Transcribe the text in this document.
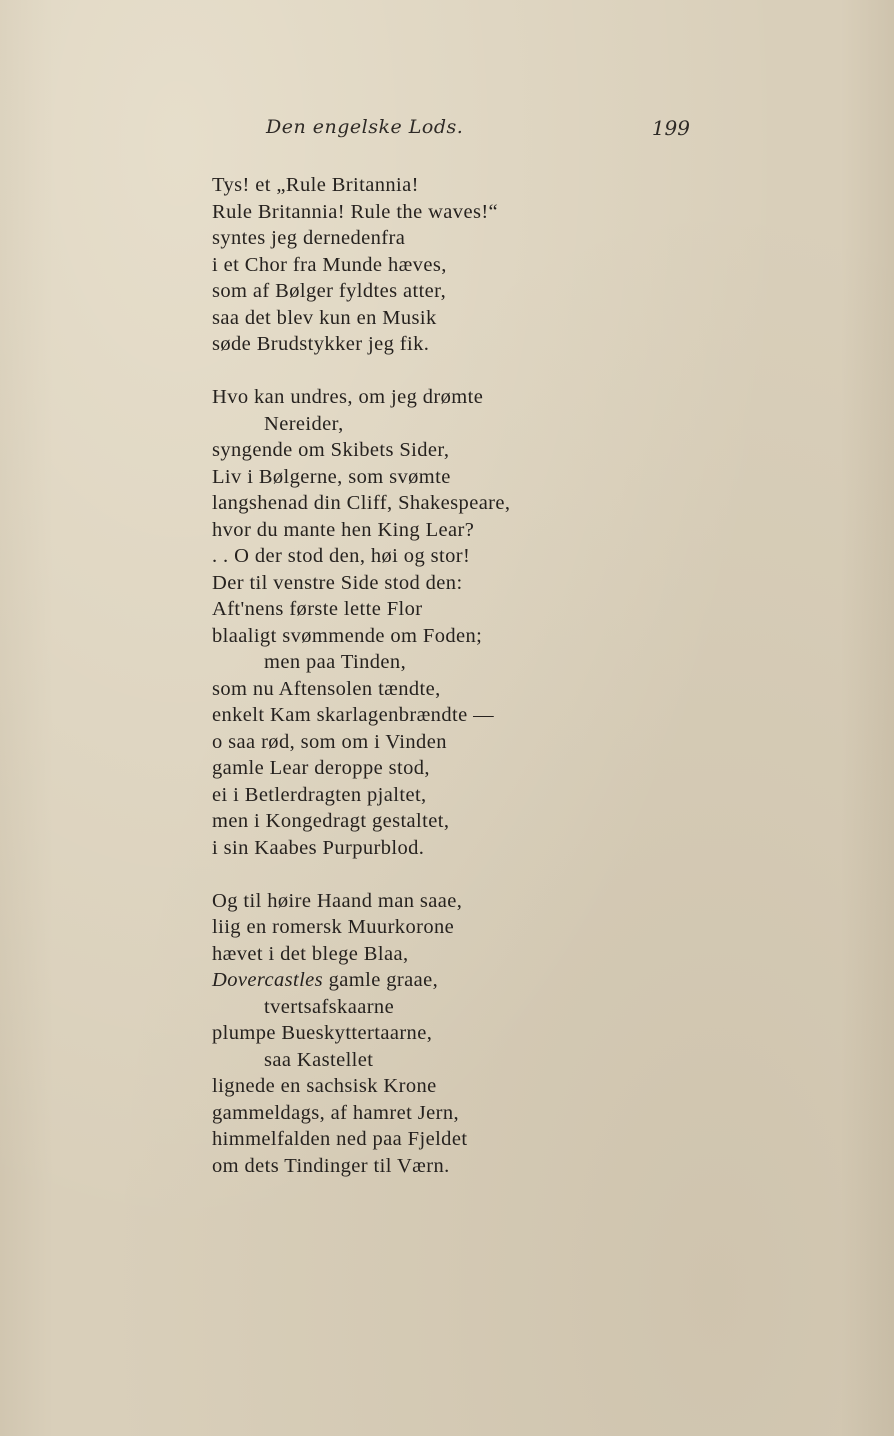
Den engelske Lods.	199
Tys! et „Rule Britannia!
Rule Britannia! Rule the waves!“
syntes jeg dernedenfra
i et Chor fra Munde hæves,
som af Bølger fyldtes atter,
saa det blev kun en Musik
søde Brudstykker jeg fik.
Hvo kan undres, om jeg drømte
Nereider,
syngende om Skibets Sider,
Liv i Bølgerne, som svømte
langshenad din Cliff, Shakespeare,
hvor du mante hen King Lear?
. . O der stod den, høi og stor!
Der til venstre Side stod den:
Aft'nens første lette Flor
blaaligt svømmende om Foden;
men paa Tinden,
som nu Aftensolen tændte,
enkelt Kam skarlagenbrændte —
o saa rød, som om i Vinden
gamle Lear deroppe stod,
ei i Betlerdragten pjaltet,
men i Kongedragt gestaltet,
i sin Kaabes Purpurblod.
Og til høire Haand man saae,
liig en romersk Muurkorone
hævet i det blege Blaa,
Dovercastles gamle graae,
tvertsafskaarne
plumpe Bueskyttertaarne,
saa Kastellet
lignede en sachsisk Krone
gammeldags, af hamret Jern,
himmelfalden ned paa Fjeldet
om dets Tindinger til Værn.
